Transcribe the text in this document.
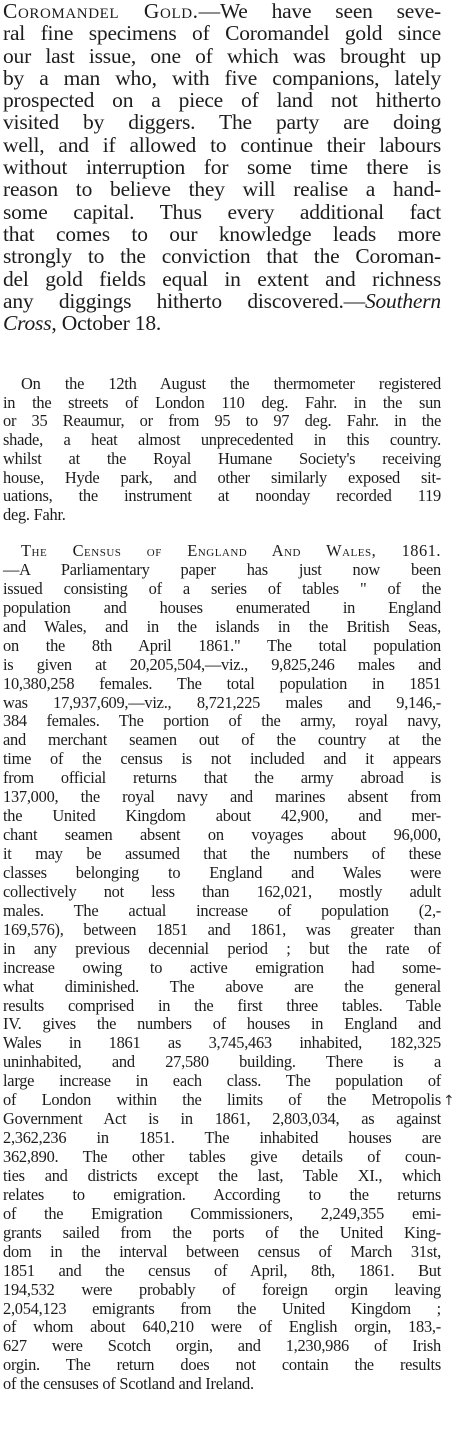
Coromandel Gold.—We have seen seve-
ral fine specimens of Coromandel gold since
our last issue, one of which was brought up
by a man who, with five companions, lately
prospected on a piece of land not hitherto
visited by diggers. The party are doing
well, and if allowed to continue their labours
without interruption for some time there is
reason to believe they will realise a hand-
some capital. Thus every additional fact
that comes to our knowledge leads more
strongly to the conviction that the Coroman-
del gold fields equal in extent and richness
any diggings hitherto discovered.—Southern
Cross, October 18.
On the 12th August the thermometer registered
in the streets of London 110 deg. Fahr. in the sun
or 35 Reaumur, or from 95 to 97 deg. Fahr. in the
shade, a heat almost unprecedented in this country.
whilst at the Royal Humane Society's receiving
house, Hyde park, and other similarly exposed sit-
uations, the instrument at noonday recorded 119
deg. Fahr.
The Census of England And Wales, 1861.
—A Parliamentary paper has just now been
issued consisting of a series of tables " of the
population and houses enumerated in England
and Wales, and in the islands in the British Seas,
on the 8th April 1861." The total population
is given at 20,205,504,—viz., 9,825,246 males and
10,380,258 females. The total population in 1851
was 17,937,609,—viz., 8,721,225 males and 9,146,-
384 females. The portion of the army, royal navy,
and merchant seamen out of the country at the
time of the census is not included and it appears
from official returns that the army abroad is
137,000, the royal navy and marines absent from
the United Kingdom about 42,900, and mer-
chant seamen absent on voyages about 96,000,
it may be assumed that the numbers of these
classes belonging to England and Wales were
collectively not less than 162,021, mostly adult
males. The actual increase of population (2,-
169,576), between 1851 and 1861, was greater than
in any previous decennial period ; but the rate of
increase owing to active emigration had some-
what diminished. The above are the general
results comprised in the first three tables. Table
IV. gives the numbers of houses in England and
Wales in 1861 as 3,745,463 inhabited, 182,325
uninhabited, and 27,580 building. There is a
large increase in each class. The population of
of London within the limits of the Metropolis
Government Act is in 1861, 2,803,034, as against
2,362,236 in 1851. The inhabited houses are
362,890. The other tables give details of coun-
ties and districts except the last, Table XI., which
relates to emigration. According to the returns
of the Emigration Commissioners, 2,249,355 emi-
grants sailed from the ports of the United King-
dom in the interval between census of March 31st,
1851 and the census of April, 8th, 1861. But
194,532 were probably of foreign orgin leaving
2,054,123 emigrants from the United Kingdom ;
of whom about 640,210 were of English orgin, 183,-
627 were Scotch orgin, and 1,230,986 of Irish
orgin. The return does not contain the results
of the censuses of Scotland and Ireland.
↑
